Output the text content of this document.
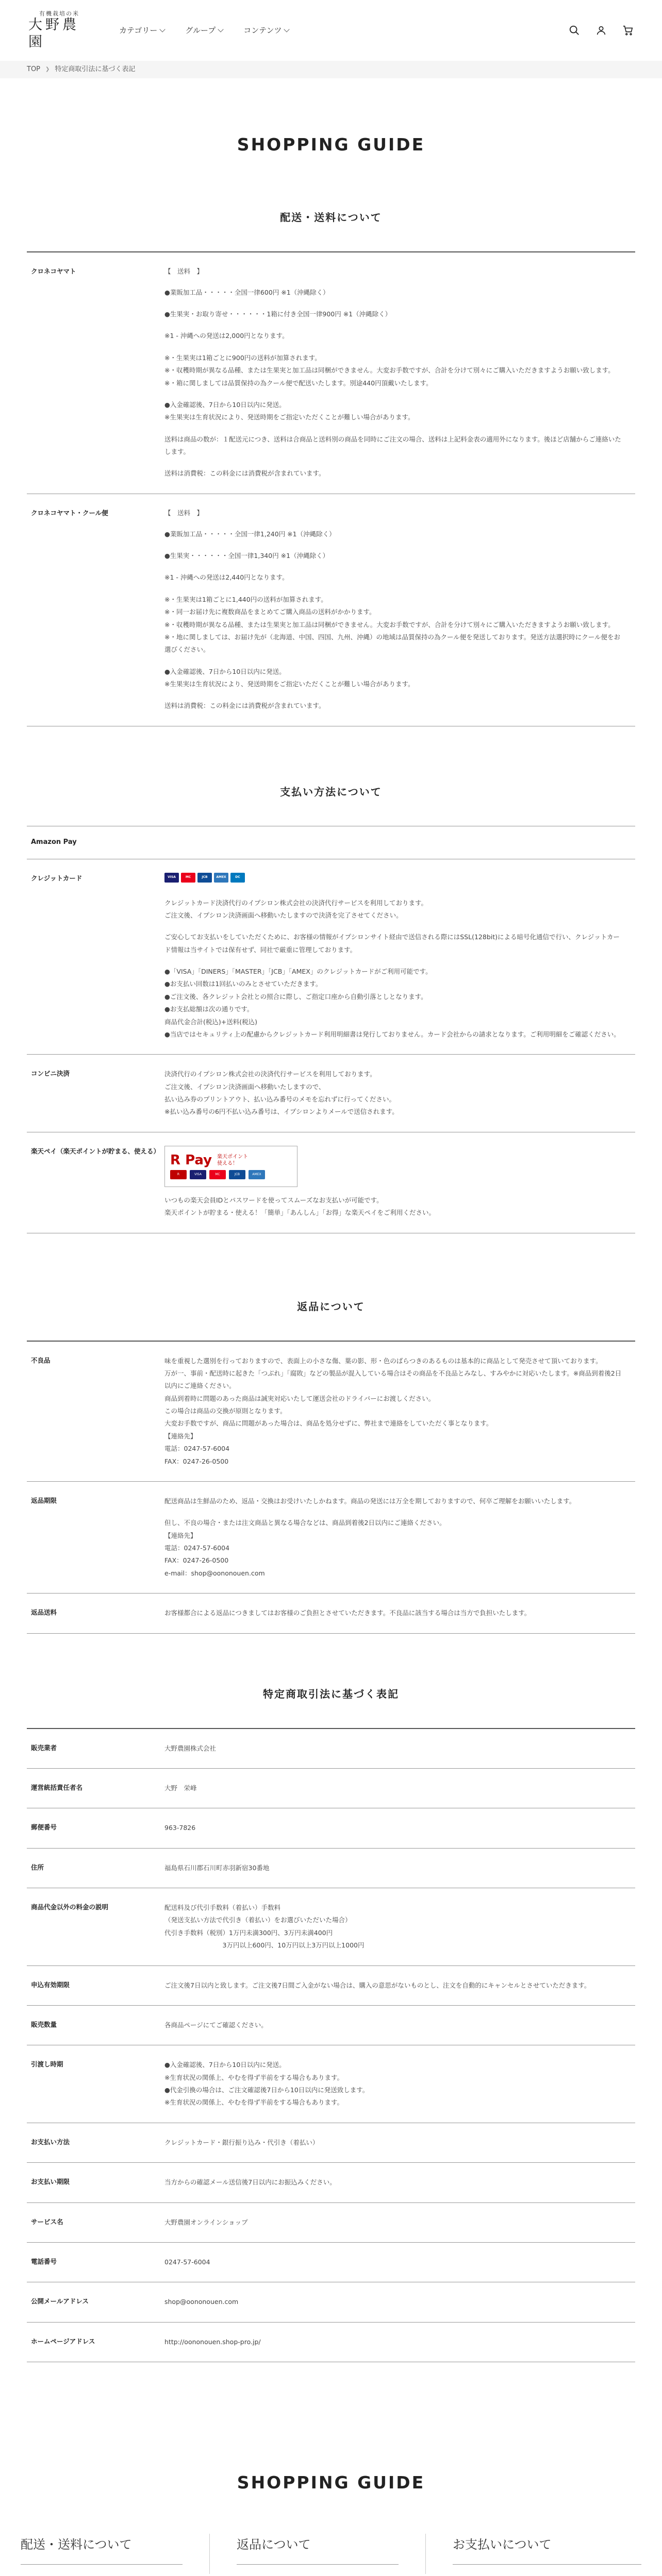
有機栽培の米
大野農園
カテゴリー	グループ	コンテンツ
TOP ❯ 特定商取引法に基づく表記
SHOPPING GUIDE
配送・送料について
クロネコヤマト	【　送料　】

●業販加工品・・・・・全国一律600円 ※1（沖縄除く）

●生果実・お取り寄せ・・・・・・1箱に付き全国一律900円 ※1（沖縄除く）

※1 - 沖縄への発送は2,000円となります。

※・生果実は1箱ごとに900円の送料が加算されます。
※・収穫時期が異なる品種、または生果実と加工品は同梱ができません。大変お手数ですが、合計を分けて別々にご購入いただきますようお願い致します。
※・箱に関しましては品質保持の為クール便で配送いたします。別途440円頂戴いたします。

●入金確認後、7日から10日以内に発送。
※生果実は生育状況により、発送時期をご指定いただくことが難しい場合があります。

送料は商品の数が：１配送元につき、送料は合商品と送料別の商品を同時にご注文の場合、送料は上記料金表の適用外になります。後ほど店舗からご連絡いたします。

送料は消費税：この料金には消費税が含まれています。

クロネコヤマト・クール便	【　送料　】

●業販加工品・・・・・全国一律1,240円 ※1（沖縄除く）

●生果実・・・・・・全国一律1,340円 ※1（沖縄除く）

※1 - 沖縄への発送は2,440円となります。

※・生果実は1箱ごとに1,440円の送料が加算されます。
※・同一お届け先に複数商品をまとめてご購入商品の送料がかかります。
※・収穫時期が異なる品種、または生果実と加工品は同梱ができません。大変お手数ですが、合計を分けて別々にご購入いただきますようお願い致します。
※・地に関しましては、お届け先が（北海道、中国、四国、九州、沖縄）の地域は品質保持の為クール便を発送しております。発送方法選択時にクール便をお選びください。

●入金確認後、7日から10日以内に発送。
※生果実は生育状況により、発送時期をご指定いただくことが難しい場合があります。

送料は消費税：この料金には消費税が含まれています。

支払い方法について
Amazon Pay
クレジットカード	VISA	MC	JCB	AMEX	DC

クレジットカード決済代行のイプシロン株式会社の決済代行サービスを利用しております。
ご注文後、イプシロン決済画面へ移動いたしますので決済を完了させてください。

ご安心してお支払いをしていただくために、お客様の情報がイプシロンサイト経由で送信される際にはSSL(128bit)による暗号化通信で行い、クレジットカード情報は当サイトでは保有せず、同社で厳重に管理しております。

●「VISA」「DINERS」「MASTER」「JCB」「AMEX」のクレジットカードがご利用可能です。
●お支払い回数は1回払いのみとさせていただきます。
●ご注文後、各クレジット会社との照合に際し、ご指定口座から自動引落としとなります。
●お支払総額は次の通りです。
商品代金合計(税込)+送料(税込)
●当店ではセキュリティ上の配慮からクレジットカード利用明細書は発行しておりません。カード会社からの請求となります。ご利用明細をご確認ください。

コンビニ決済	決済代行のイプシロン株式会社の決済代行サービスを利用しております。
ご注文後、イプシロン決済画面へ移動いたしますので、
払い込み券のプリントアウト、払い込み番号のメモを忘れずに行ってください。
※払い込み番号の6円不払い込み番号は、イプシロンよりメールで送信されます。

楽天ペイ（楽天ポイントが貯まる、使える）
R Pay 楽天ポイント
使える！
R	VISA	MC	JCB	AMEX

いつもの楽天会員IDとパスワードを使ってスムーズなお支払いが可能です。
楽天ポイントが貯まる・使える！「簡単」「あんしん」「お得」な楽天ペイをご利用ください。

返品について
不良品	味を重視した選別を行っておりますので、表面上の小さな傷、葉の影、形・色のばらつきのあるものは基本的に商品として発売させて頂いております。
万が一、事前・配送時に起きた「つぶれ」「腐敗」などの製品が混入している場合はその商品を不良品とみなし、すみやかに対応いたします。※商品到着後2日以内にご連絡ください。
商品到着時に問題のあった商品は誠実対応いたして運送会社のドライバーにお渡しください。
この場合は商品の交換が原則となります。
大変お手数ですが、商品に問題があった場合は、商品を処分せずに、弊社まで連絡をしていただく事となります。
【連絡先】
電話：0247-57-6004
FAX：0247-26-0500

返品期限	配送商品は生鮮品のため、返品・交換はお受けいたしかねます。商品の発送には万全を期しておりますので、何卒ご理解をお願いいたします。

但し、不良の場合・または注文商品と異なる場合などは、商品到着後2日以内にご連絡ください。
【連絡先】
電話：0247-57-6004
FAX：0247-26-0500
e-mail：shop@oononouen.com

返品送料	お客様都合による返品につきましてはお客様のご負担とさせていただきます。不良品に該当する場合は当方で負担いたします。

特定商取引法に基づく表記
販売業者	大野農園株式会社

運営統括責任者名	大野　栄峰

郵便番号	963-7826

住所	福島県石川郡石川町赤羽新宿30番地

商品代金以外の料金の説明	配送料及び代引手数料（着払い）手数料
（発送支払い方法で代引き（着払い）をお選びいただいた場合）
代引き手数料（税別）1万円未満300円、3万円未満400円
　　　　　　　　　3万円以上600円、10万円以上3万円以上1000円

申込有効期限	ご注文後7日以内と致します。ご注文後7日間ご入金がない場合は、購入の意思がないものとし、注文を自動的にキャンセルとさせていただきます。

販売数量	各商品ページにてご確認ください。

引渡し時期	●入金確認後、7日から10日以内に発送。
※生育状況の関係上、やむを得ず半前をする場合もあります。
●代金引換の場合は、ご注文確認後7日から10日以内に発送致します。
※生育状況の関係上、やむを得ず半前をする場合もあります。

お支払い方法	クレジットカード・銀行振り込み・代引き（着払い）

お支払い期限	当方からの確認メール送信後7日以内にお振込みください。

サービス名	大野農園オンラインショップ

電話番号	0247-57-6004

公開メールアドレス	shop@oononouen.com

ホームページアドレス	http://oononouen.shop-pro.jp/

SHOPPING GUIDE
配送・送料について	返品について	お支払いについて
